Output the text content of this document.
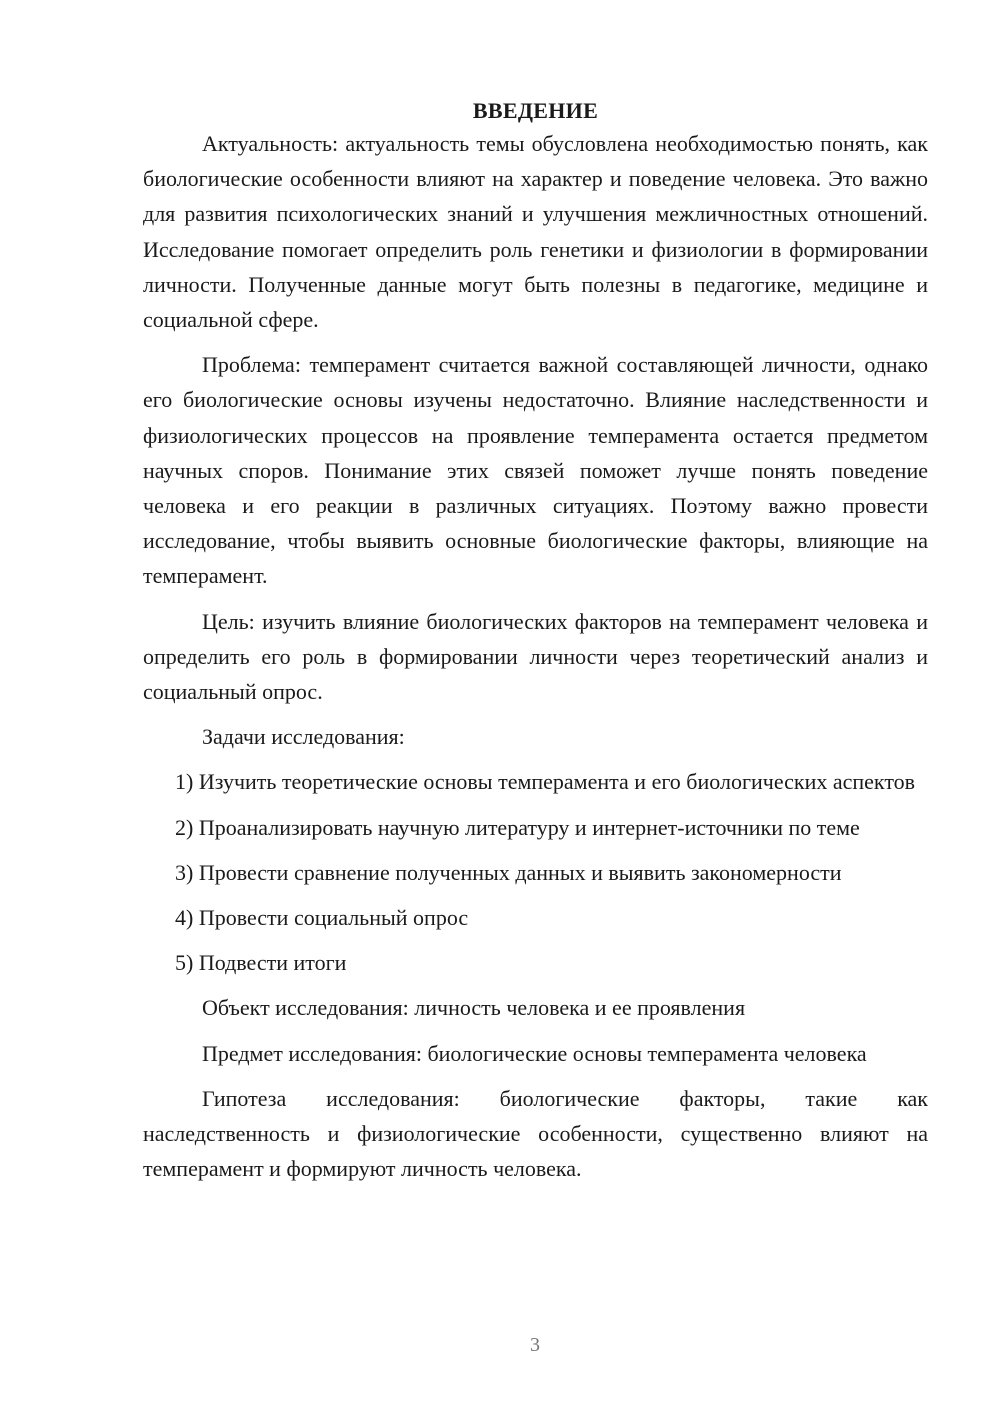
ВВЕДЕНИЕ

Актуальность: актуальность темы обусловлена необходимостью понять, как биологические особенности влияют на характер и поведение человека. Это важно для развития психологических знаний и улучшения межличностных отношений. Исследование помогает определить роль генетики и физиологии в формировании личности. Полученные данные могут быть полезны в педагогике, медицине и социальной сфере.

Проблема: темперамент считается важной составляющей личности, однако его биологические основы изучены недостаточно. Влияние наследственности и физиологических процессов на проявление темперамента остается предметом научных споров. Понимание этих связей поможет лучше понять поведение человека и его реакции в различных ситуациях. Поэтому важно провести исследование, чтобы выявить основные биологические факторы, влияющие на темперамент.

Цель: изучить влияние биологических факторов на темперамент человека и определить его роль в формировании личности через теоретический анализ и социальный опрос.

Задачи исследования:

1) Изучить теоретические основы темперамента и его биологических аспектов

2) Проанализировать научную литературу и интернет-источники по теме

3) Провести сравнение полученных данных и выявить закономерности

4) Провести социальный опрос

5) Подвести итоги

Объект исследования: личность человека и ее проявления

Предмет исследования: биологические основы темперамента человека

Гипотеза исследования: биологические факторы, такие как наследственность и физиологические особенности, существенно влияют на темперамент и формируют личность человека.

3
